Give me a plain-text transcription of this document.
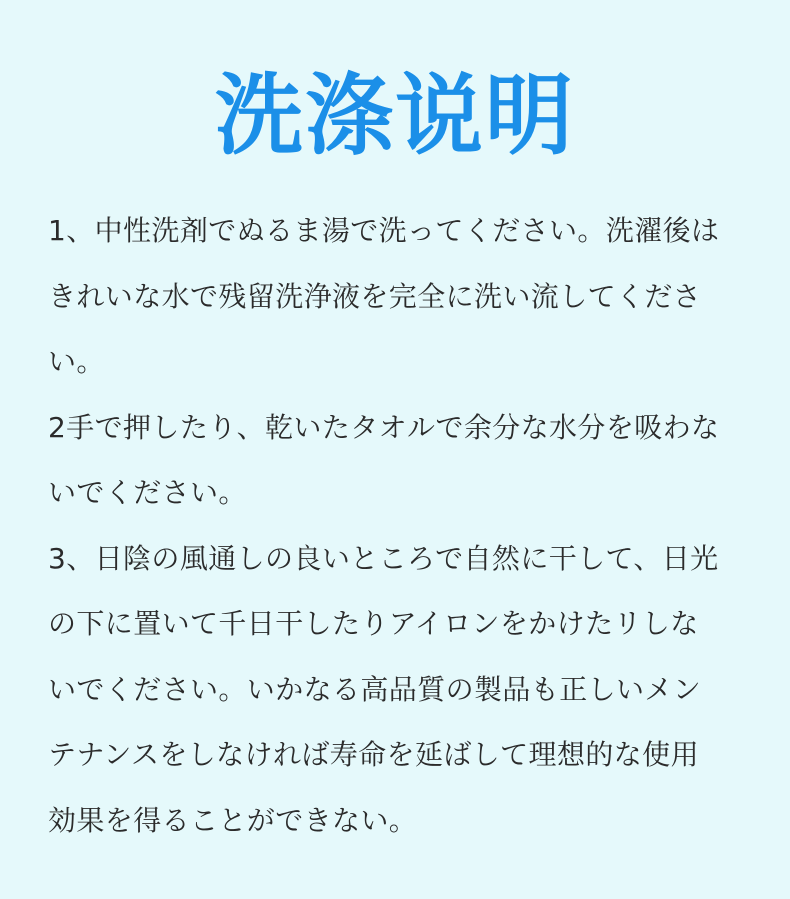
洗涤说明
1、中性洗剤でぬるま湯で洗ってください。洗濯後は
きれいな水で残留洗浄液を完全に洗い流してくださ
い。
2手で押したり、乾いたタオルで余分な水分を吸わな
いでください。
3、日陰の風通しの良いところで自然に干して、日光
の下に置いて千日干したりアイロンをかけたリしな
いでください。いかなる高品質の製品も正しいメン
テナンスをしなければ寿命を延ばして理想的な使用
効果を得ることができない。
